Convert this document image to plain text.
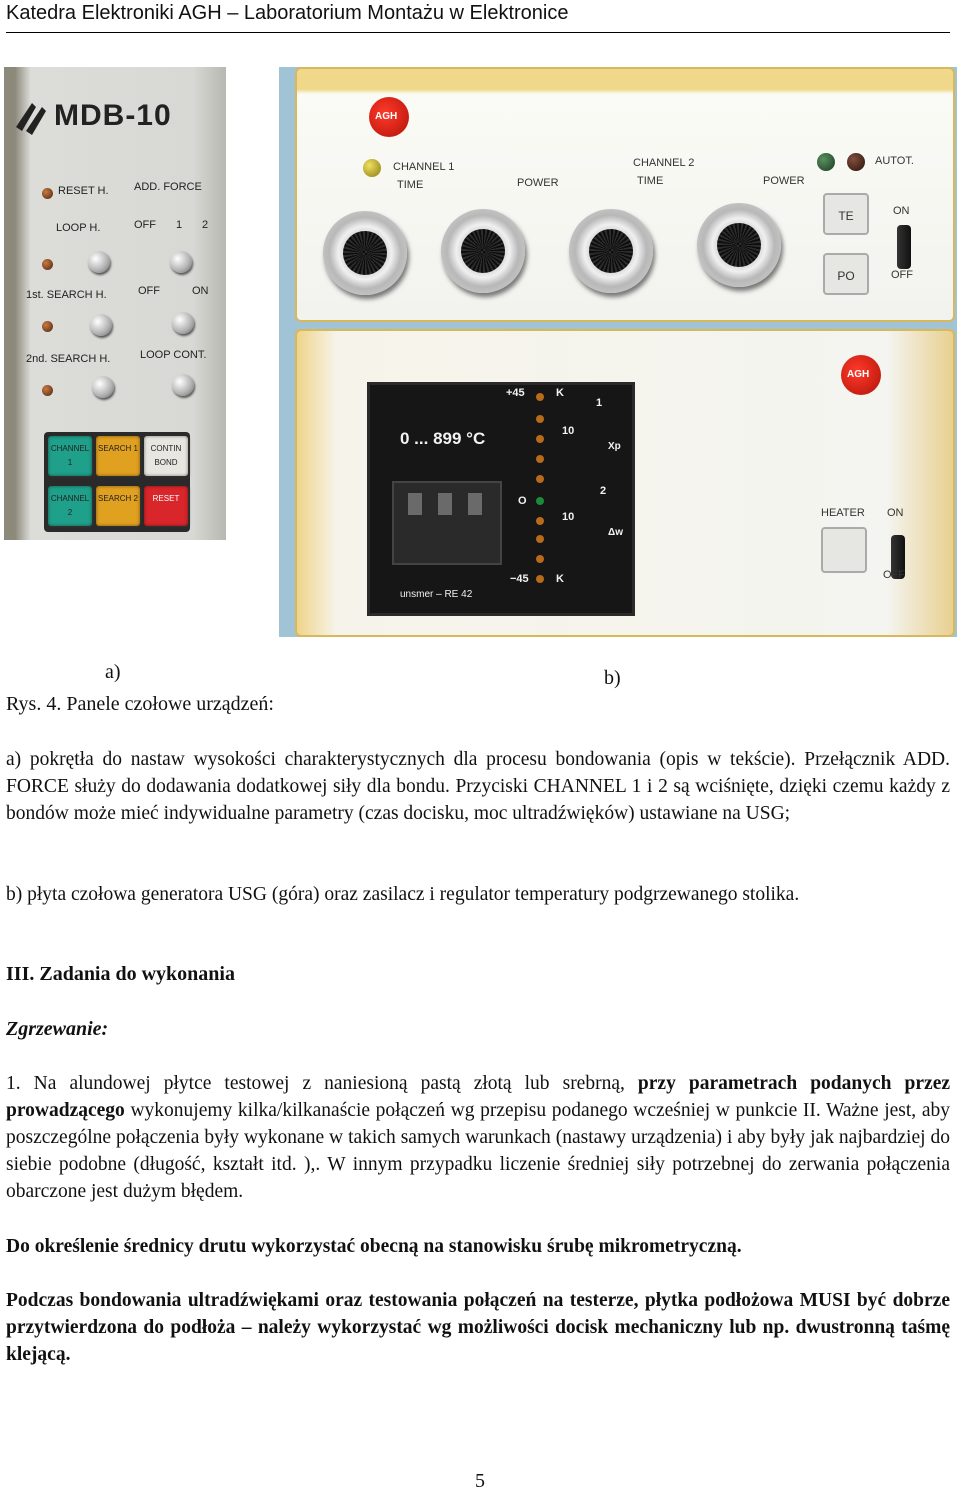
Katedra Elektroniki AGH – Laboratorium Montażu w Elektronice
MDB-10
RESET H. ADD. FORCE
LOOP H.	OFF 1 2
1st. SEARCH H.	OFF	ON
2nd. SEARCH H.	LOOP CONT.
CHANNEL 1
SEARCH 1	CONTIN BOND
CHANNEL 2
SEARCH 2	RESET
AGH
CHANNEL 1
TIME	POWER
CHANNEL 2
TIME	POWER
AUTOT.
TE
PO
ON
OFF
AGH
HEATER ON
OFF
0 ... 899 °C
+45	K
O
−45 K
1
10
Xp
2
10
Δw
unsmer – RE 42
a)	b)
Rys. 4. Panele czołowe urządzeń:

a) pokrętła do nastaw wysokości charakterystycznych dla procesu bondowania (opis w tekście). Przełącznik ADD. FORCE służy do dodawania dodatkowej siły dla bondu. Przyciski CHANNEL 1 i 2 są wciśnięte, dzięki czemu każdy z bondów może mieć indywidualne parametry (czas docisku, moc ultradźwięków) ustawiane na USG;

b) płyta czołowa generatora USG (góra) oraz zasilacz i regulator temperatury podgrzewanego stolika.

III. Zadania do wykonania
Zgrzewanie:

1. Na alundowej płytce testowej z naniesioną pastą złotą lub srebrną, przy parametrach podanych przez prowadzącego wykonujemy kilka/kilkanaście połączeń wg przepisu podanego wcześniej w punkcie II. Ważne jest, aby poszczególne połączenia były wykonane w takich samych warunkach (nastawy urządzenia) i aby były jak najbardziej do siebie podobne (długość, kształt itd. ),. W innym przypadku liczenie średniej siły potrzebnej do zerwania połączenia obarczone jest dużym błędem.

Do określenie średnicy drutu wykorzystać obecną na stanowisku śrubę mikrometryczną.

Podczas bondowania ultradźwiękami oraz testowania połączeń na testerze, płytka podłożowa MUSI być dobrze przytwierdzona do podłoża – należy wykorzystać wg możliwości docisk mechaniczny lub np. dwustronną taśmę klejącą.

5
